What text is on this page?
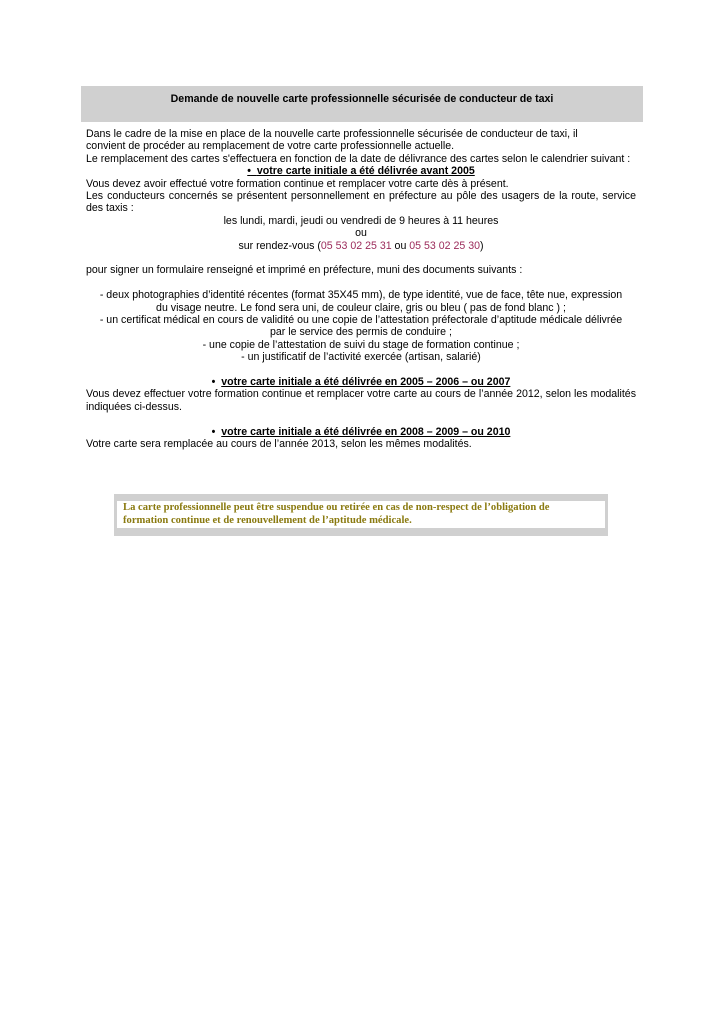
Demande de nouvelle carte professionnelle sécurisée de conducteur de taxi

Dans le cadre de la mise en place de la nouvelle carte professionnelle sécurisée de conducteur de taxi, il

convient de procéder au remplacement de votre carte professionnelle actuelle.

Le remplacement des cartes s'effectuera en fonction de la date de délivrance des cartes selon le calendrier suivant :

• votre carte initiale a été délivrée avant 2005

Vous devez avoir effectué votre formation continue et remplacer votre carte dès à présent.

Les conducteurs concernés se présentent personnellement en préfecture au pôle des usagers de la route, service des taxis :

les lundi, mardi, jeudi ou vendredi de 9 heures à 11 heures

ou

sur rendez-vous (05 53 02 25 31 ou 05 53 02 25 30)

pour signer un formulaire renseigné et imprimé en préfecture, muni des documents suivants :

- deux photographies d’identité récentes (format 35X45 mm), de type identité, vue de face, tête nue, expression

du visage neutre. Le fond sera uni, de couleur claire, gris ou bleu ( pas de fond blanc ) ;

- un certificat médical en cours de validité ou une copie de l’attestation préfectorale d’aptitude médicale délivrée

par le service des permis de conduire ;

- une copie de l’attestation de suivi du stage de formation continue ;

- un justificatif de l’activité exercée (artisan, salarié)

• votre carte initiale a été délivrée en 2005 – 2006 – ou 2007

Vous devez effectuer votre formation continue et remplacer votre carte au cours de l’année 2012, selon les modalités indiquées ci-dessus.

• votre carte initiale a été délivrée en 2008 – 2009 – ou 2010

Votre carte sera remplacée au cours de l’année 2013, selon les mêmes modalités.

La carte professionnelle peut être suspendue ou retirée en cas de non-respect de l’obligation de
formation continue et de renouvellement de l’aptitude médicale.
